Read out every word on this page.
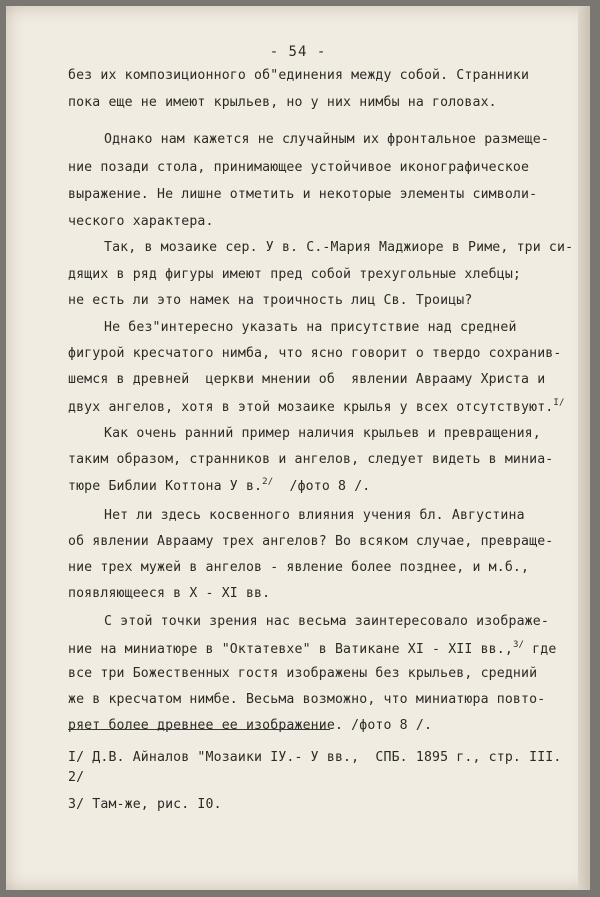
- 54 -
без их композиционного об"единения между собой. Странники
пока еще не имеют крыльев, но у них нимбы на головах.
Однако нам кажется не случайным их фронтальное размеще-
ние позади стола, принимающее устойчивое иконографическое
выражение. Не лишне отметить и некоторые элементы символи-
ческого характера.
Так, в мозаике сер. У в. С.-Мария Маджиоре в Риме, три си-
дящих в ряд фигуры имеют пред собой трехугольные хлебцы;
не есть ли это намек на троичность лиц Св. Троицы?
Не без"интересно указать на присутствие над средней
фигурой кресчатого нимба, что ясно говорит о твердо сохранив-
шемся в древней  церкви мнении об  явлении Аврааму Христа и
двух ангелов, хотя в этой мозаике крылья у всех отсутствуют.$^{I/}$
Как очень ранний пример наличия крыльев и превращения,
таким образом, странников и ангелов, следует видеть в миниа-
тюре Библии Коттона У в.$^{2/}$  /фото 8 /.
Нет ли здесь косвенного влияния учения бл. Августина
об явлении Аврааму трех ангелов? Во всяком случае, превраще-
ние трех мужей в ангелов - явление более позднее, и м.б.,
появляющееся в Х - ХI вв.
С этой точки зрения нас весьма заинтересовало изображе-
ние на миниатюре в "Октатевхе" в Ватикане ХI - ХII вв.,$^{3/}$ где
все три Божественных гостя изображены без крыльев, средний
же в кресчатом нимбе. Весьма возможно, что миниатюра повто-
ряет более древнее ее изображение. /фото 8 /.
I/ Д.В. Айналов "Мозаики IУ.- У вв.,  СПБ. 1895 г., стр. III.
2/
3/ Там-же, рис. I0.
